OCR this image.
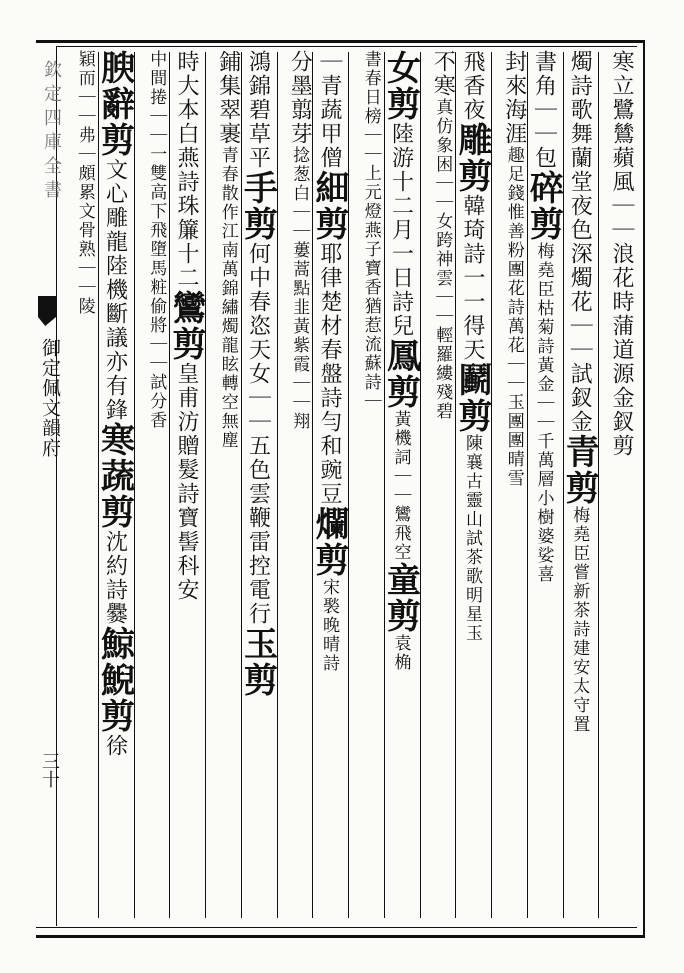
欽定四庫全書
御定佩文韻府
三十
寒立鷺鷥蘋風｜｜浪花時蒲道源金釵剪
燭詩歌舞蘭堂夜色深燭花｜｜試釵金青剪梅堯臣嘗新茶詩建安太守置
書角｜｜包碎剪梅堯臣枯菊詩黃金｜｜千萬層小樹婆娑喜
封來海涯趣足錢惟善粉團花詩萬花｜｜玉團團晴雪
飛香夜雕剪韓琦詩一一得天鬬剪陳襄古靈山試茶歌明星玉
不寒真仿象困｜｜女跨神雲｜｜輕羅縷殘碧
女剪陸游十二月一日詩兒鳳剪黃機詞｜｜鸞飛空童剪袁桷
書春日榜｜｜上元燈燕子寶香猶惹流蘇詩｜
｜青蔬甲僧細剪耶律楚材春盤詩勻和豌豆爛剪宋褧晚晴詩
分墨翦芽捻葱白｜｜蔞蒿點韭黃紫霞｜｜翔
鴻錦碧草平手剪何中春恣天女｜｜五色雲鞭雷控電行玉剪
鋪集翠裹青春散作江南萬錦繡燭龍眩轉空無塵
時大本白燕詩珠簾十二鸞剪皇甫汸贈髮詩寶髻科安
中間捲｜｜一雙高下飛墮馬粧偷將｜｜試分香
腴辭剪文心雕龍陸機斷議亦有鋒寒蔬剪沈約詩爨鯨鯢剪徐
穎而｜｜弗｜頗累文骨熟｜｜陵
